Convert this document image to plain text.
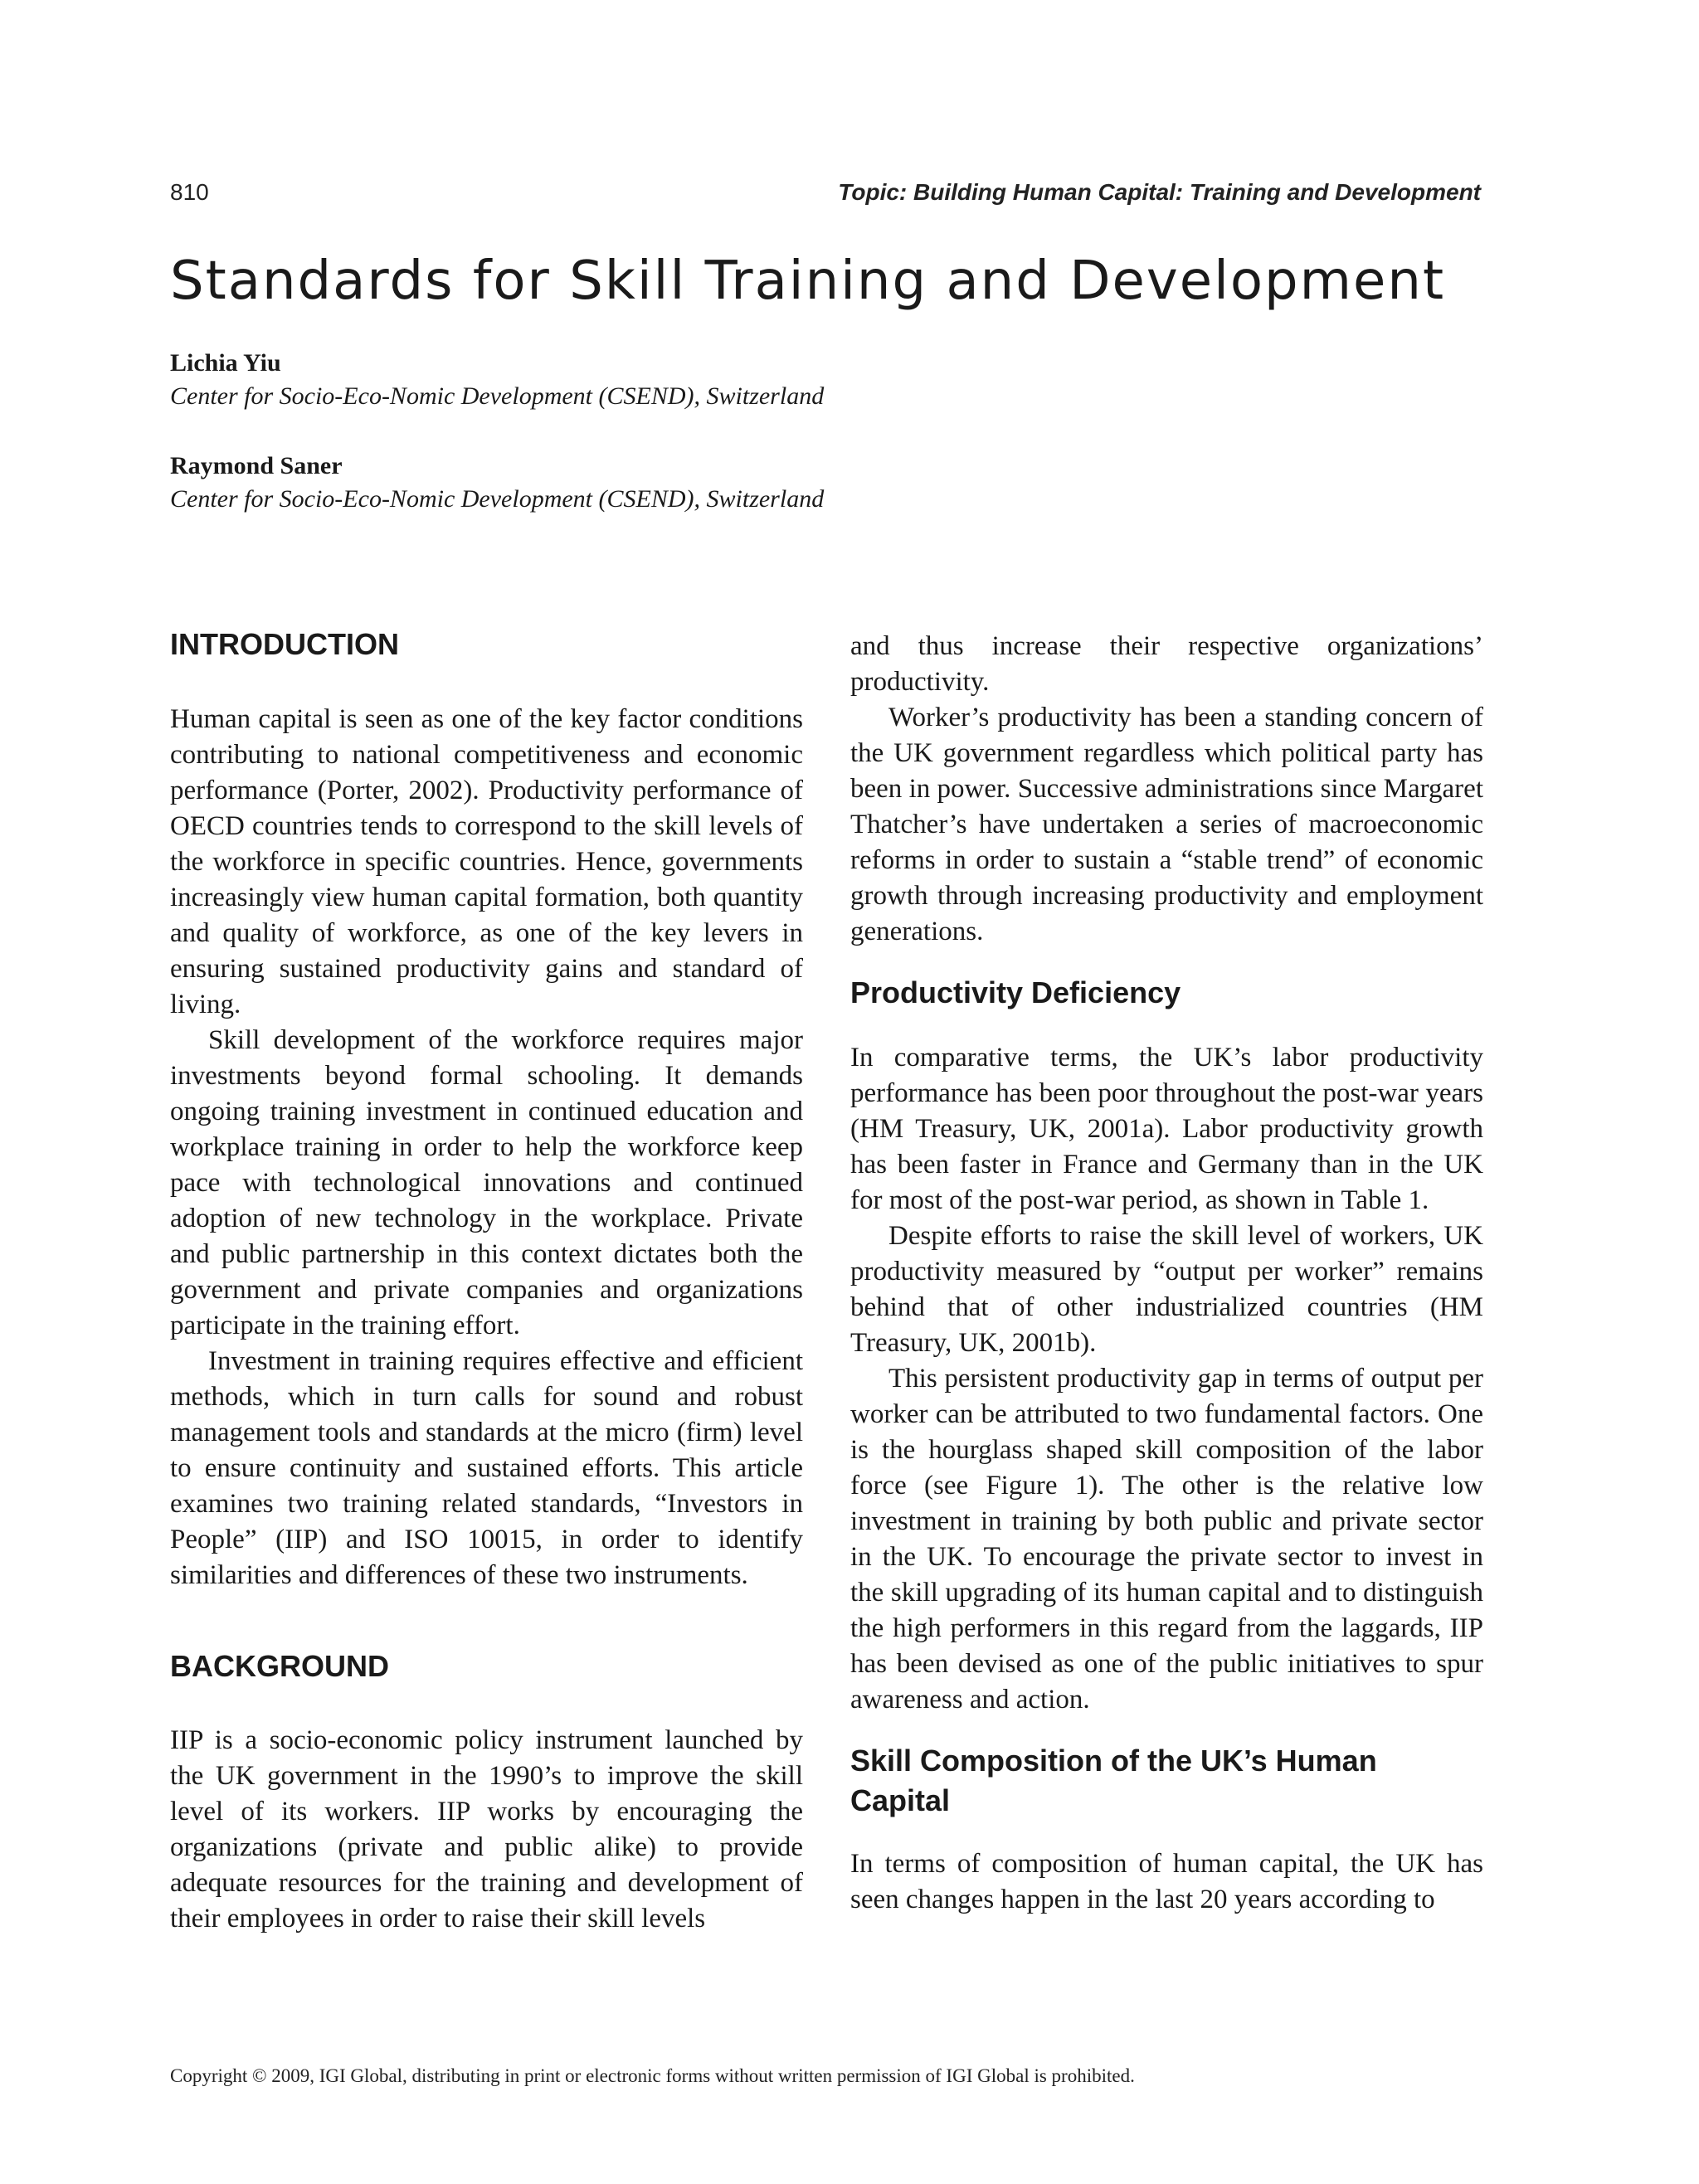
810	Topic: Building Human Capital: Training and Development
Standards for Skill Training and Development
Lichia Yiu
Center for Socio-Eco-Nomic Development (CSEND), Switzerland
Raymond Saner
Center for Socio-Eco-Nomic Development (CSEND), Switzerland
INTRODUCTION

Human capital is seen as one of the key factor conditions contributing to national competitiveness and economic performance (Porter, 2002). Productivity performance of OECD countries tends to correspond to the skill levels of the workforce in specific countries. Hence, governments increasingly view human capital formation, both quantity and quality of workforce, as one of the key levers in ensuring sustained productivity gains and standard of living.

Skill development of the workforce requires major investments beyond formal schooling. It demands ongoing training investment in continued education and workplace training in order to help the workforce keep pace with technological innovations and continued adoption of new technology in the workplace. Private and public partnership in this context dictates both the government and private companies and organizations participate in the training effort.

Investment in training requires effective and efficient methods, which in turn calls for sound and robust management tools and standards at the micro (firm) level to ensure continuity and sustained efforts. This article examines two training related standards, “Investors in People” (IIP) and ISO 10015, in order to identify similarities and differences of these two instruments.

BACKGROUND

IIP is a socio-economic policy instrument launched by the UK government in the 1990’s to improve the skill level of its workers. IIP works by encouraging the organizations (private and public alike) to provide adequate resources for the training and development of their employees in order to raise their skill levels

and thus increase their respective organizations’ productivity.

Worker’s productivity has been a standing concern of the UK government regardless which political party has been in power. Successive administrations since Margaret Thatcher’s have undertaken a series of macroeconomic reforms in order to sustain a “stable trend” of economic growth through increasing productivity and employment generations.

Productivity Deficiency

In comparative terms, the UK’s labor productivity performance has been poor throughout the post-war years (HM Treasury, UK, 2001a). Labor productivity growth has been faster in France and Germany than in the UK for most of the post-war period, as shown in Table 1.

Despite efforts to raise the skill level of workers, UK productivity measured by “output per worker” remains behind that of other industrialized countries (HM Treasury, UK, 2001b).

This persistent productivity gap in terms of output per worker can be attributed to two fundamental factors. One is the hourglass shaped skill composition of the labor force (see Figure 1). The other is the relative low investment in training by both public and private sector in the UK. To encourage the private sector to invest in the skill upgrading of its human capital and to distinguish the high performers in this regard from the laggards, IIP has been devised as one of the public initiatives to spur awareness and action.

Skill Composition of the UK’s Human Capital

In terms of composition of human capital, the UK has seen changes happen in the last 20 years according to

Copyright © 2009, IGI Global, distributing in print or electronic forms without written permission of IGI Global is prohibited.
